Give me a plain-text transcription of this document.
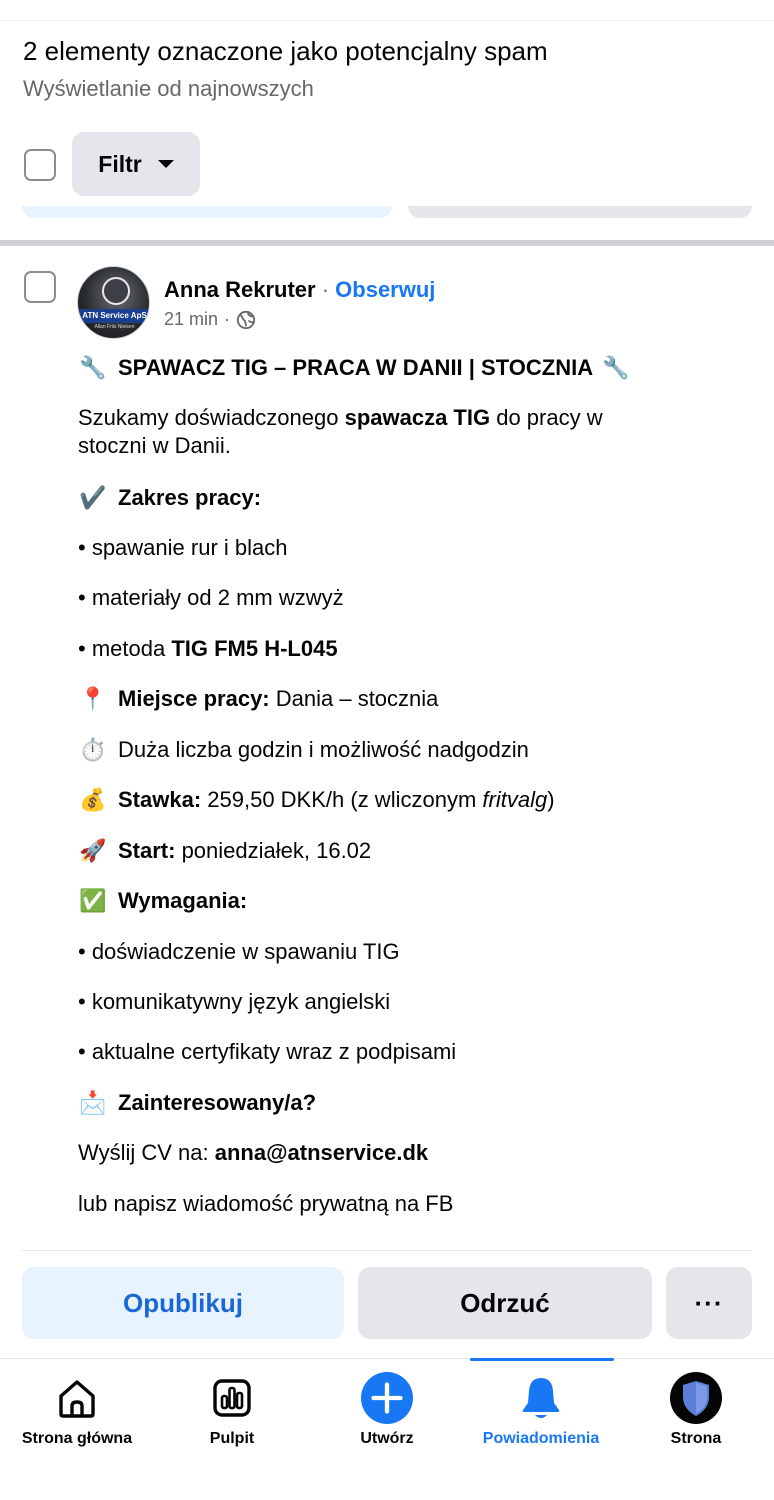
2 elementy oznaczone jako potencjalny spam
Wyświetlanie od najnowszych
Filtr
ATN Service ApS
Allan Friis Nielsen
Anna Rekruter · Obserwuj
21 min ·
🔧 SPAWACZ TIG – PRACA W DANII | STOCZNIA 🔧
Szukamy doświadczonego spawacza TIG do pracy w
stoczni w Danii.
✔️ Zakres pracy:
• spawanie rur i blach
• materiały od 2 mm wzwyż
• metoda TIG FM5 H-L045
📍 Miejsce pracy: Dania – stocznia
⏱️ Duża liczba godzin i możliwość nadgodzin
💰 Stawka: 259,50 DKK/h (z wliczonym fritvalg)
🚀 Start: poniedziałek, 16.02
✅ Wymagania:
• doświadczenie w spawaniu TIG
• komunikatywny język angielski
• aktualne certyfikaty wraz z podpisami
📩 Zainteresowany/a?
Wyślij CV na: anna@atnservice.dk
lub napisz wiadomość prywatną na FB
Opublikuj	Odrzuć	···
Strona główna	Pulpit	Utwórz	Powiadomienia	Strona
